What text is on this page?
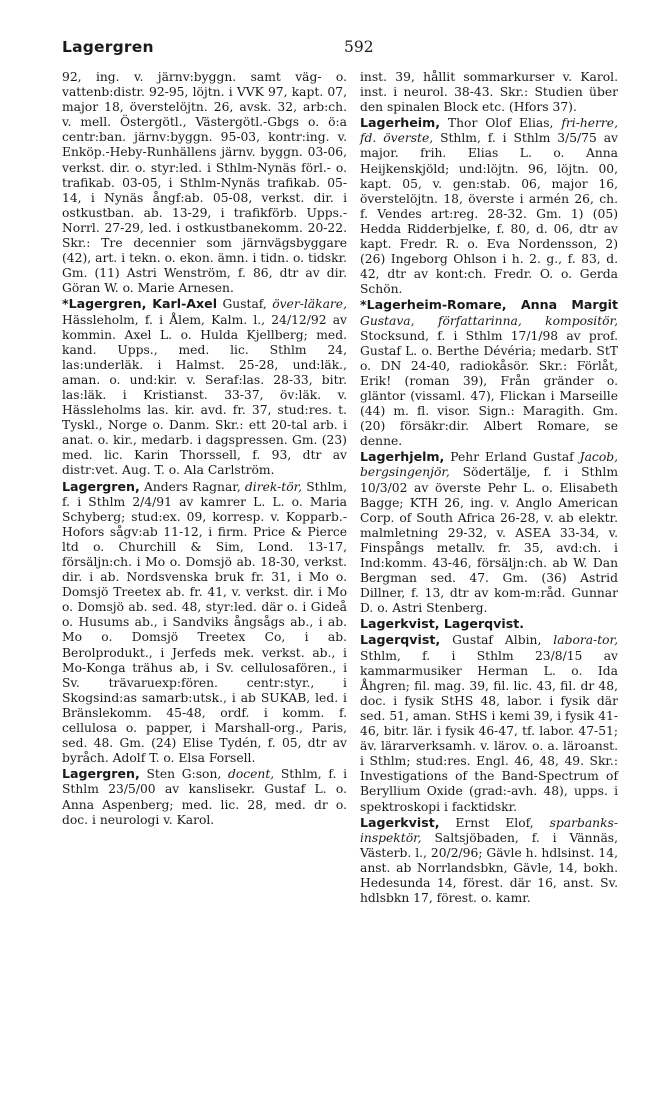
Lagergren	592

92, ing. v. järnv:byggn. samt väg- o. vattenb:distr. 92-95, löjtn. i VVK 97, kapt. 07, major 18, överstelöjtn. 26, avsk. 32, arb:ch. v. mell. Östergötl., Västergötl.-Gbgs o. ö:a centr:ban. järnv:byggn. 95-03, kontr:ing. v. Enköp.-Heby-Runhällens järnv. byggn. 03-06, verkst. dir. o. styr:led. i Sthlm-Nynäs förl.- o. trafikab. 03-05, i Sthlm-Nynäs trafikab. 05-14, i Nynäs ångf:ab. 05-08, verkst. dir. i ostkustban. ab. 13-29, i trafikförb. Upps.-Norrl. 27-29, led. i ostkustbanekomm. 20-22. Skr.: Tre decennier som järnvägsbyggare (42), art. i tekn. o. ekon. ämn. i tidn. o. tidskr. Gm. (11) Astri Wenström, f. 86, dtr av dir. Göran W. o. Marie Arnesen.

*Lagergren, Karl-Axel Gustaf, över-läkare, Hässleholm, f. i Ålem, Kalm. l., 24/12/92 av kommin. Axel L. o. Hulda Kjellberg; med. kand. Upps., med. lic. Sthlm 24, las:underläk. i Halmst. 25-28, und:läk., aman. o. und:kir. v. Seraf:las. 28-33, bitr. las:läk. i Kristianst. 33-37, öv:läk. v. Hässleholms las. kir. avd. fr. 37, stud:res. t. Tyskl., Norge o. Danm. Skr.: ett 20-tal arb. i anat. o. kir., medarb. i dagspressen. Gm. (23) med. lic. Karin Thorssell, f. 93, dtr av distr:vet. Aug. T. o. Ala Carlström.

Lagergren, Anders Ragnar, direk-tör, Sthlm, f. i Sthlm 2/4/91 av kamrer L. L. o. Maria Schyberg; stud:ex. 09, korresp. v. Kopparb.-Hofors sågv:ab 11-12, i firm. Price & Pierce ltd o. Churchill & Sim, Lond. 13-17, försäljn:ch. i Mo o. Domsjö ab. 18-30, verkst. dir. i ab. Nordsvenska bruk fr. 31, i Mo o. Domsjö Treetex ab. fr. 41, v. verkst. dir. i Mo o. Domsjö ab. sed. 48, styr:led. där o. i Gideå o. Husums ab., i Sandviks ångsågs ab., i ab. Mo o. Domsjö Treetex Co, i ab. Berolprodukt., i Jerfeds mek. verkst. ab., i Mo-Konga trähus ab, i Sv. cellulosafören., i Sv. trävaruexp:fören. centr:styr., i Skogsind:as samarb:utsk., i ab SUKAB, led. i Bränslekomm. 45-48, ordf. i komm. f. cellulosa o. papper, i Marshall-org., Paris, sed. 48. Gm. (24) Elise Tydén, f. 05, dtr av byråch. Adolf T. o. Elsa Forsell.

Lagergren, Sten G:son, docent, Sthlm, f. i Sthlm 23/5/00 av kanslisekr. Gustaf L. o. Anna Aspenberg; med. lic. 28, med. dr o. doc. i neurologi v. Karol.

inst. 39, hållit sommarkurser v. Karol. inst. i neurol. 38-43. Skr.: Studien über den spinalen Block etc. (Hfors 37).

Lagerheim, Thor Olof Elias, fri-herre, fd. överste, Sthlm, f. i Sthlm 3/5/75 av major. frih. Elias L. o. Anna Heijkenskjöld; und:löjtn. 96, löjtn. 00, kapt. 05, v. gen:stab. 06, major 16, överstelöjtn. 18, överste i armén 26, ch. f. Vendes art:reg. 28-32. Gm. 1) (05) Hedda Ridderbjelke, f. 80, d. 06, dtr av kapt. Fredr. R. o. Eva Nordensson, 2) (26) Ingeborg Ohlson i h. 2. g., f. 83, d. 42, dtr av kont:ch. Fredr. O. o. Gerda Schön.

*Lagerheim-Romare, Anna Margit Gustava, författarinna, kompositör, Stocksund, f. i Sthlm 17/1/98 av prof. Gustaf L. o. Berthe Dévéria; medarb. StT o. DN 24-40, radiokåsör. Skr.: Förlåt, Erik! (roman 39), Från gränder o. gläntor (vissaml. 47), Flickan i Marseille (44) m. fl. visor. Sign.: Maragith. Gm. (20) försäkr:dir. Albert Romare, se denne.

Lagerhjelm, Pehr Erland Gustaf Jacob, bergsingenjör, Södertälje, f. i Sthlm 10/3/02 av överste Pehr L. o. Elisabeth Bagge; KTH 26, ing. v. Anglo American Corp. of South Africa 26-28, v. ab elektr. malmletning 29-32, v. ASEA 33-34, v. Finspångs metallv. fr. 35, avd:ch. i Ind:komm. 43-46, försäljn:ch. ab W. Dan Bergman sed. 47. Gm. (36) Astrid Dillner, f. 13, dtr av kom-m:råd. Gunnar D. o. Astri Stenberg.

Lagerkvist, Lagerqvist.

Lagerqvist, Gustaf Albin, labora-tor, Sthlm, f. i Sthlm 23/8/15 av kammarmusiker Herman L. o. Ida Åhgren; fil. mag. 39, fil. lic. 43, fil. dr 48, doc. i fysik StHS 48, labor. i fysik där sed. 51, aman. StHS i kemi 39, i fysik 41-46, bitr. lär. i fysik 46-47, tf. labor. 47-51; äv. lärarverksamh. v. lärov. o. a. läroanst. i Sthlm; stud:res. Engl. 46, 48, 49. Skr.: Investigations of the Band-Spectrum of Beryllium Oxide (grad:-avh. 48), upps. i spektroskopi i facktidskr.

Lagerkvist, Ernst Elof, sparbanks-inspektör, Saltsjöbaden, f. i Vännäs, Västerb. l., 20/2/96; Gävle h. hdlsinst. 14, anst. ab Norrlandsbkn, Gävle, 14, bokh. Hedesunda 14, förest. där 16, anst. Sv. hdlsbkn 17, förest. o. kamr.
